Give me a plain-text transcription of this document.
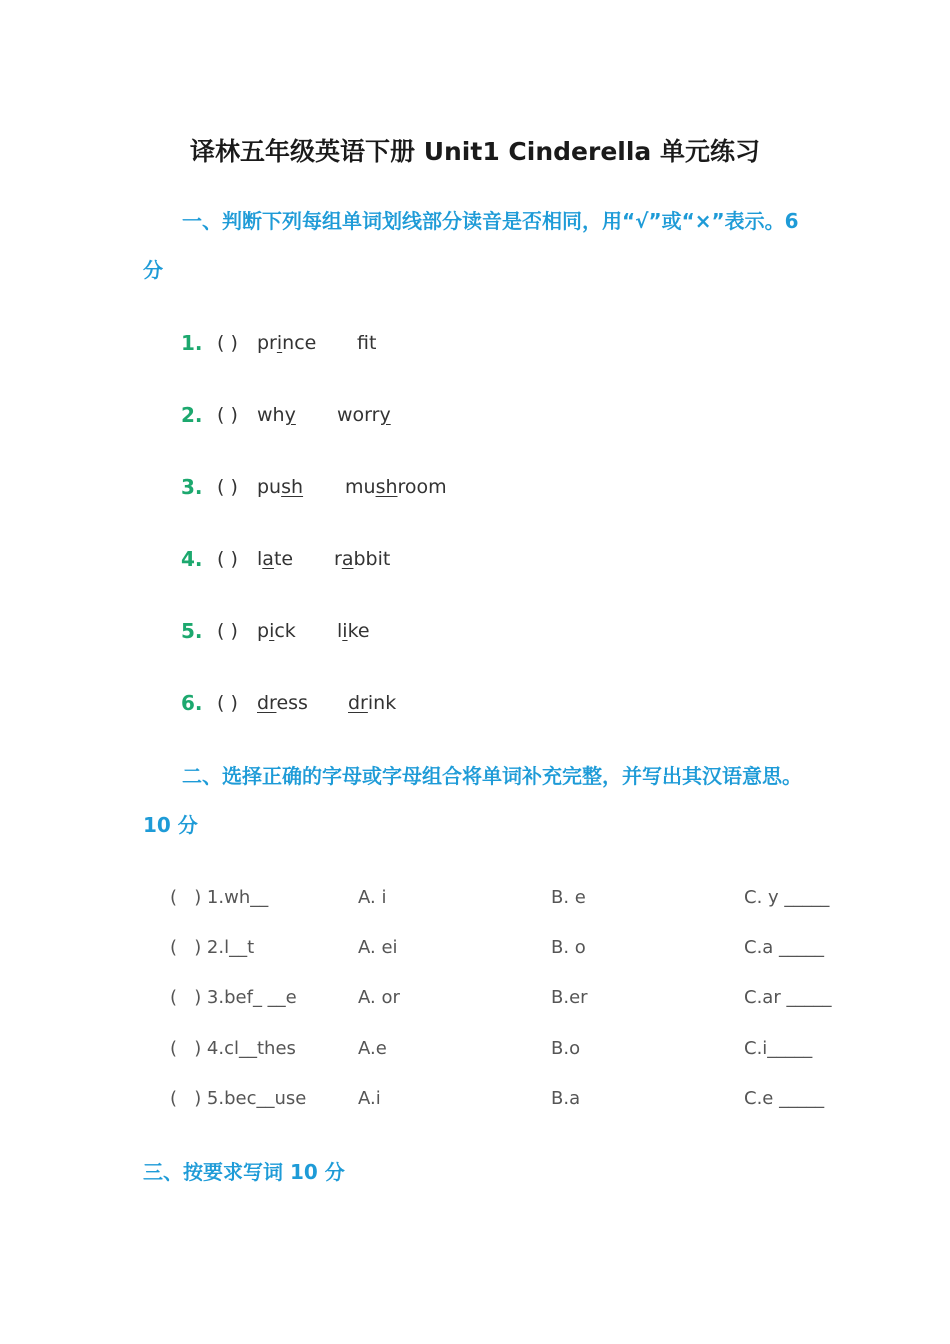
译林五年级英语下册 Unit1 Cinderella 单元练习
一、判断下列每组单词划线部分读音是否相同，用“√”或“×”表示。6 分
1. ( ) prince ft
2. ( ) why worry
3. ( ) push mushroom
4. ( ) late rabbit
5. ( ) pick like
6. ( ) dress drink
二、选择正确的字母或字母组合将单词补充完整，并写出其汉语意思。10 分
(   ) 1.wh__	A. i	B. e	C. y _____
(   ) 2.l__t	A. ei	B. o	C.a _____
(   ) 3.bef_ __e	A. or	B.er	C.ar _____
(   ) 4.cl__thes	A.e	B.o	C.i_____
(   ) 5.bec__use	A.i	B.a	C.e _____
三、按要求写词 10 分
